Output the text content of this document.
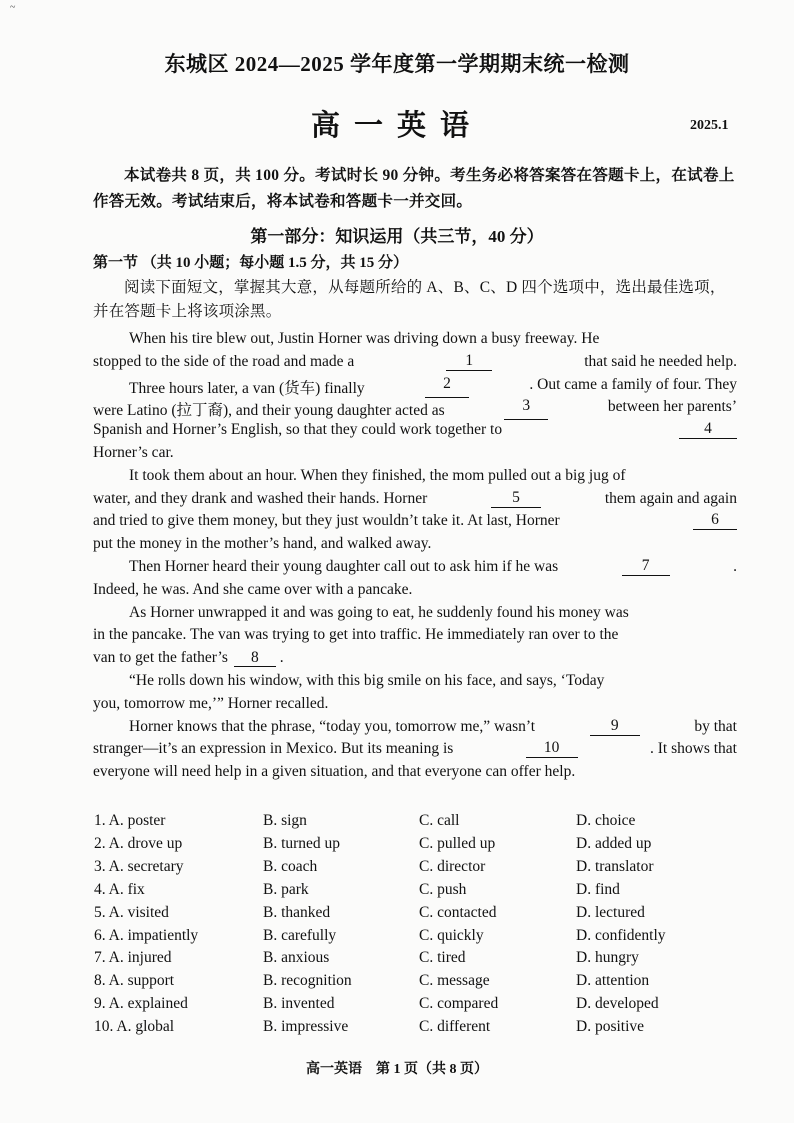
~
东城区 2024—2025 学年度第一学期期末统一检测
高一英语	2025.1
本试卷共 8 页，共 100 分。考试时长 90 分钟。考生务必将答案答在答题卡上，在试卷上作答无效。考试结束后，将本试卷和答题卡一并交回。
第一部分：知识运用（共三节，40 分）
第一节 （共 10 小题；每小题 1.5 分，共 15 分）
阅读下面短文，掌握其大意，从每题所给的 A、B、C、D 四个选项中，选出最佳选项，并在答题卡上将该项涂黑。
When his tire blew out, Justin Horner was driving down a busy freeway. He
stopped to the side of the road and made a	1	that said he needed help.
Three hours later, a van (货车) finally	2	. Out came a family of four. They
were Latino (拉丁裔), and their young daughter acted as	3	between her parents’
Spanish and Horner’s English, so that they could work together to	4
Horner’s car.
It took them about an hour. When they finished, the mom pulled out a big jug of
water, and they drank and washed their hands. Horner	5	them again and again
and tried to give them money, but they just wouldn’t take it. At last, Horner	6
put the money in the mother’s hand, and walked away.
Then Horner heard their young daughter call out to ask him if he was	7	.
Indeed, he was. And she came over with a pancake.
As Horner unwrapped it and was going to eat, he suddenly found his money was
in the pancake. The van was trying to get into traffic. He immediately ran over to the
van to get the father’s 8 .
“He rolls down his window, with this big smile on his face, and says, ‘Today
you, tomorrow me,’” Horner recalled.
Horner knows that the phrase, “today you, tomorrow me,” wasn’t	9	by that
stranger—it’s an expression in Mexico. But its meaning is	10	. It shows that
everyone will need help in a given situation, and that everyone can offer help.
1. A. poster	B. sign	C. call	D. choice
2. A. drove up	B. turned up	C. pulled up	D. added up
3. A. secretary	B. coach	C. director	D. translator
4. A. fix	B. park	C. push	D. find
5. A. visited	B. thanked	C. contacted	D. lectured
6. A. impatiently	B. carefully	C. quickly	D. confidently
7. A. injured	B. anxious	C. tired	D. hungry
8. A. support	B. recognition	C. message	D. attention
9. A. explained	B. invented	C. compared	D. developed
10. A. global	B. impressive	C. different	D. positive
高一英语　第 1 页（共 8 页）
